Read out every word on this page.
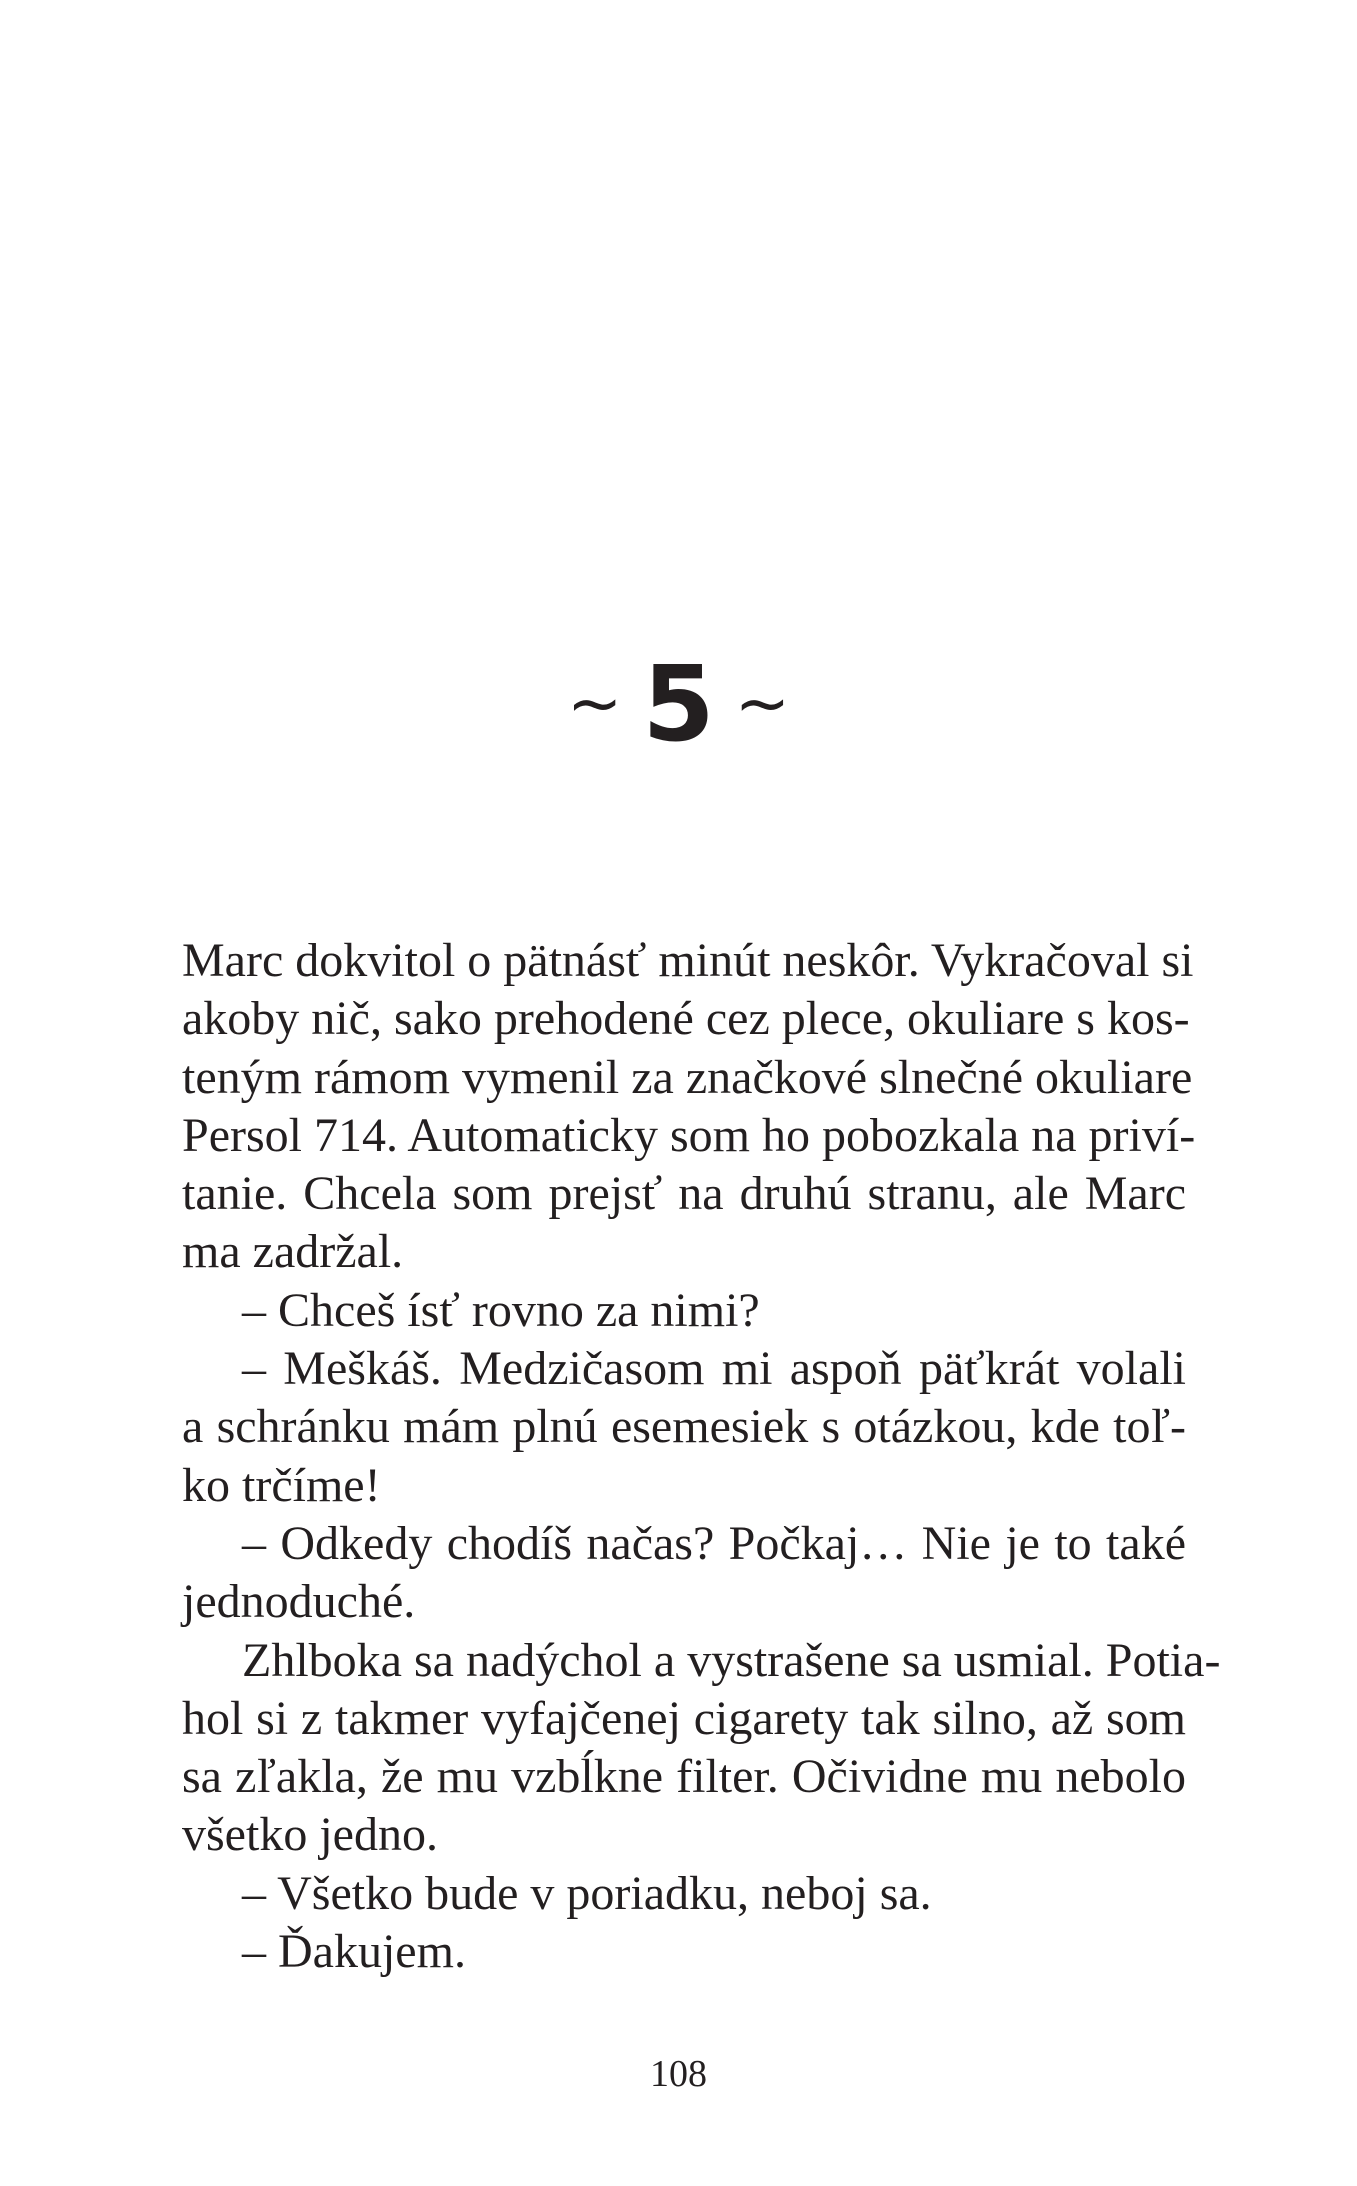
~ 5 ~
Marc dokvitol o pätnásť minút neskôr. Vykračoval si
akoby nič, sako prehodené cez plece, okuliare s kos-
teným rámom vymenil za značkové slnečné okuliare
Persol 714. Automaticky som ho pobozkala na priví-
tanie. Chcela som prejsť na druhú stranu, ale Marc
ma zadržal.
– Chceš ísť rovno za nimi?
– Meškáš. Medzičasom mi aspoň päťkrát volali
a schránku mám plnú esemesiek s otázkou, kde toľ-
ko trčíme!
– Odkedy chodíš načas? Počkaj… Nie je to také
jednoduché.
Zhlboka sa nadýchol a vystrašene sa usmial. Potia-
hol si z takmer vyfajčenej cigarety tak silno, až som
sa zľakla, že mu vzbĺkne filter. Očividne mu nebolo
všetko jedno.
– Všetko bude v poriadku, neboj sa.
– Ďakujem.
108
